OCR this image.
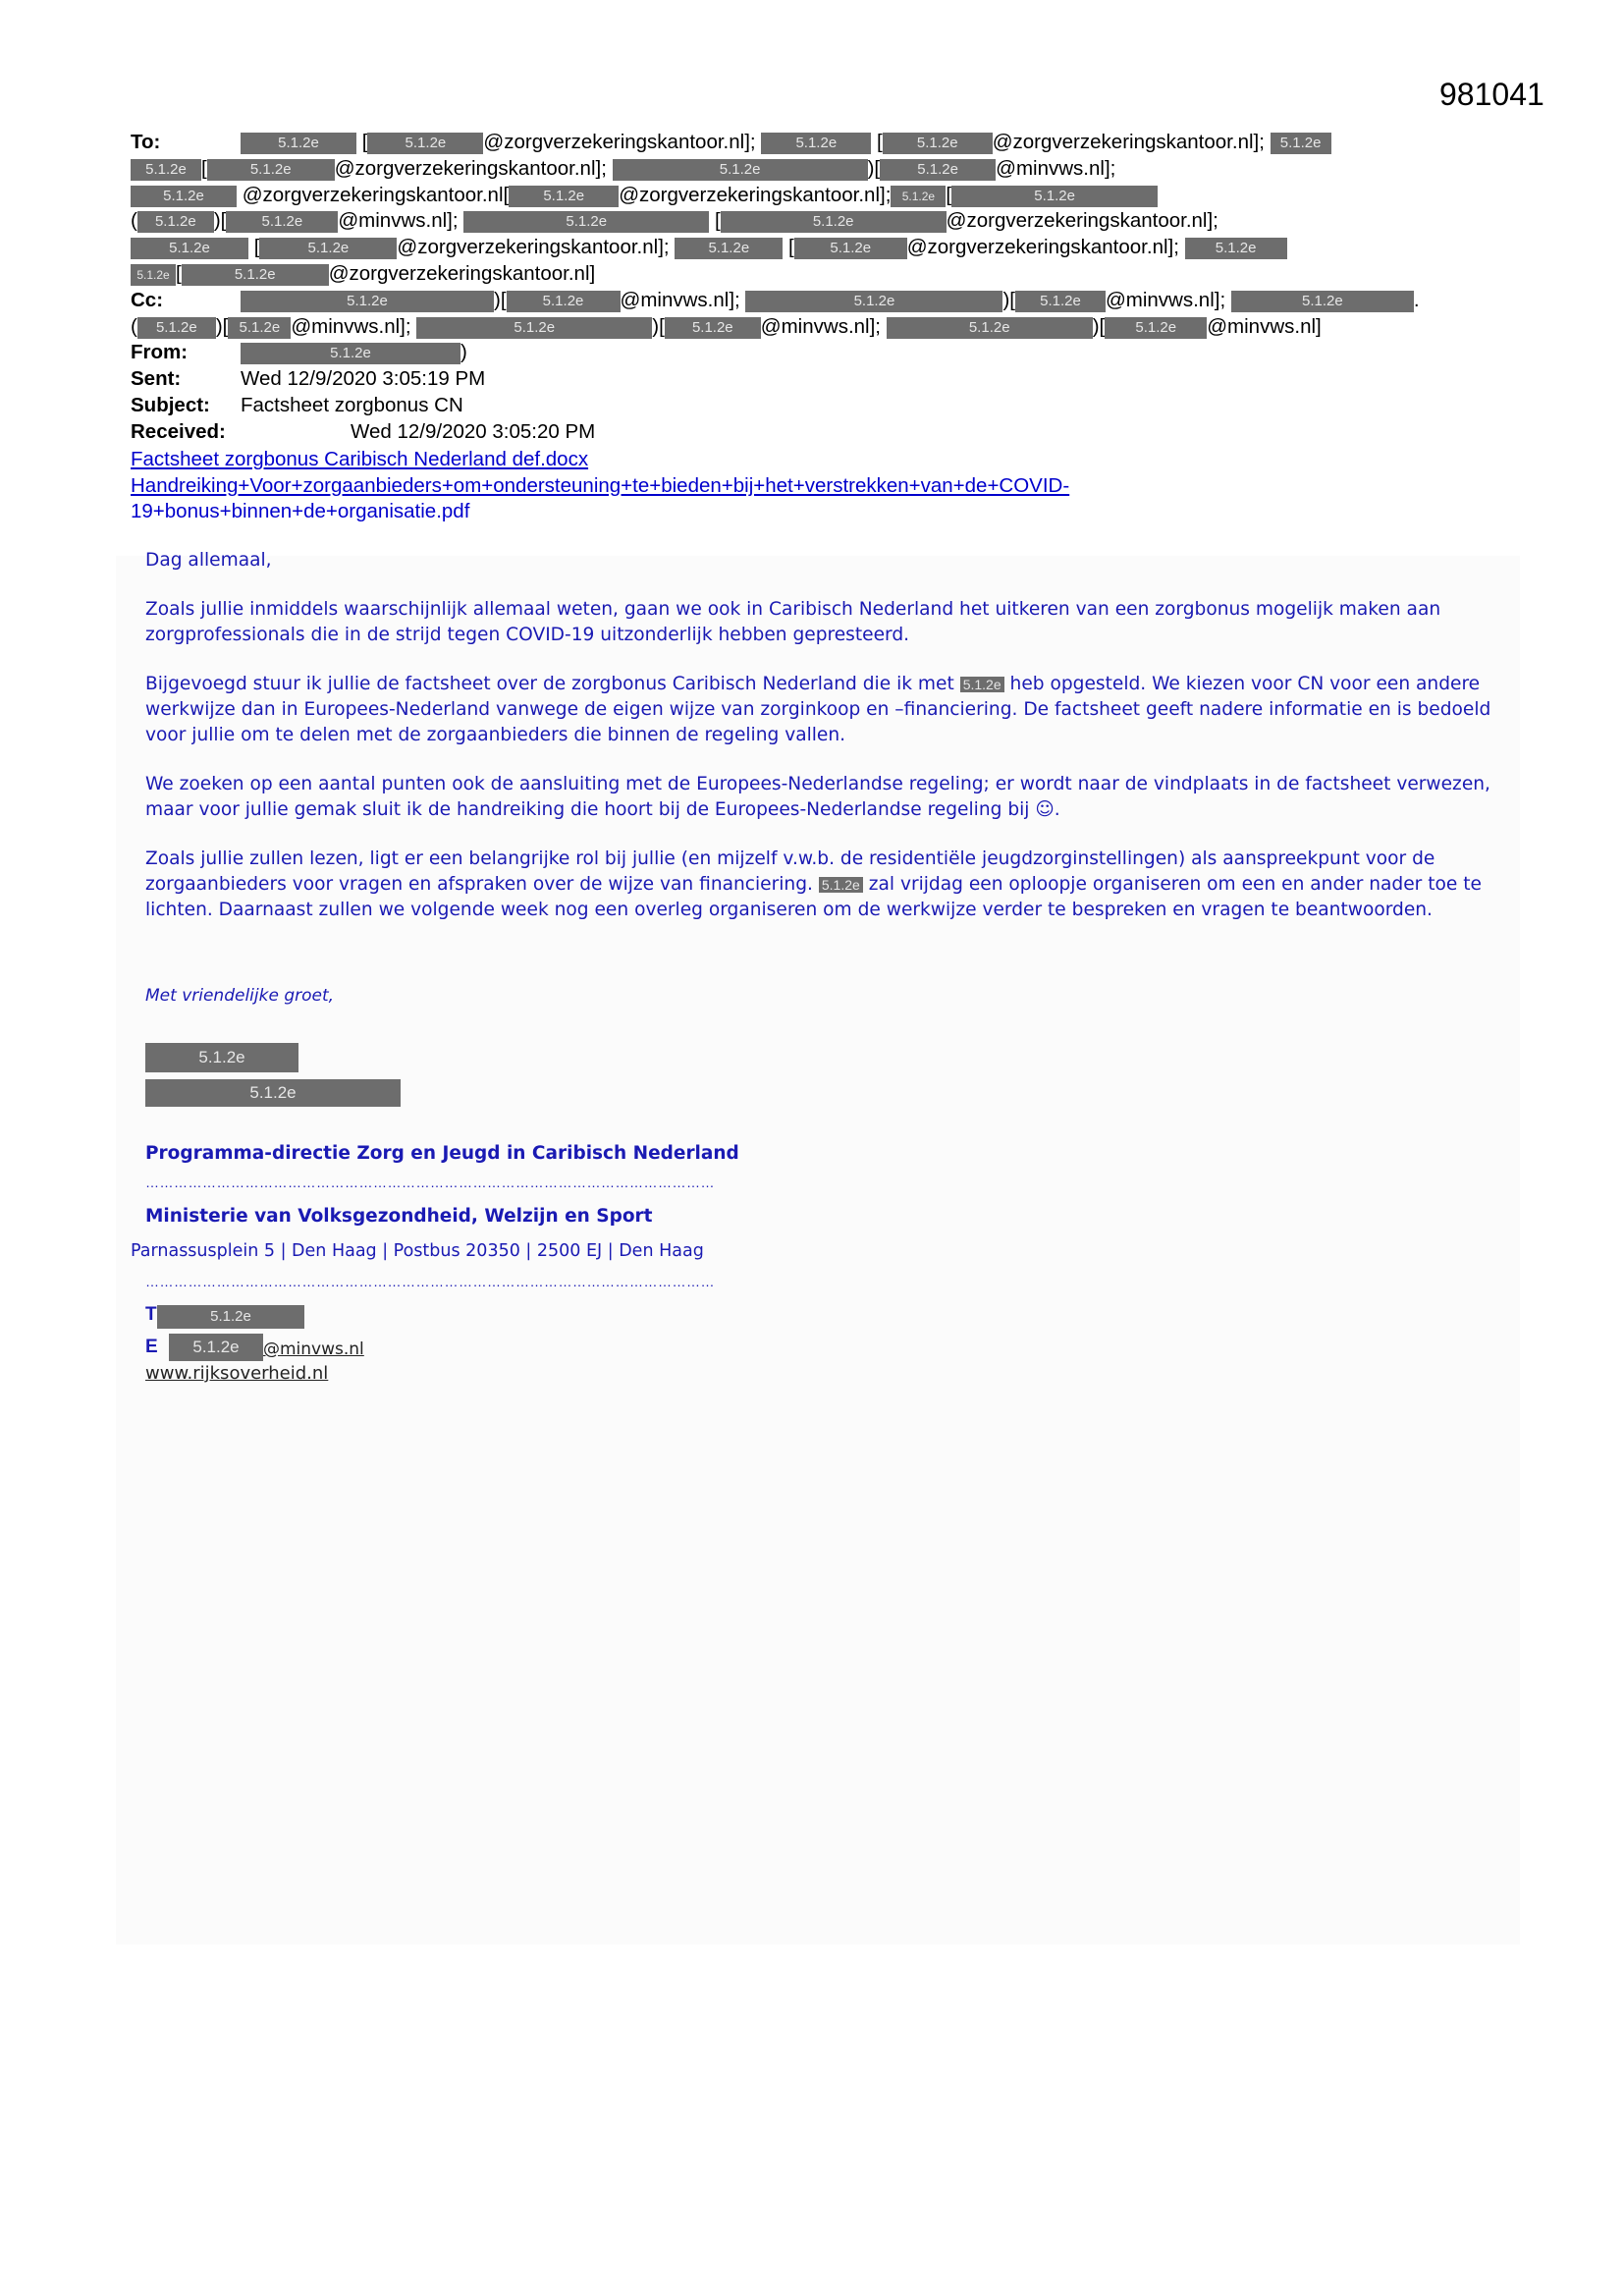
981041
To:	5.1.2e [	5.1.2e @zorgverzekeringskantoor.nl];	5.1.2e [ 5.1.2e @zorgverzekeringskantoor.nl]; 5.1.2e
5.1.2e [	5.1.2e @zorgverzekeringskantoor.nl];	5.1.2e	)[	5.1.2e @minvws.nl];
5.1.2e @zorgverzekeringskantoor.nl[ 5.1.2e @zorgverzekeringskantoor.nl]; 5.1.2e [	5.1.2e
( 5.1.2e )[ 5.1.2e @minvws.nl];	5.1.2e	[	5.1.2e	@zorgverzekeringskantoor.nl];
5.1.2e [	5.1.2e @zorgverzekeringskantoor.nl];	5.1.2e [ 5.1.2e @zorgverzekeringskantoor.nl]; 5.1.2e
5.1.2e [	5.1.2e	@zorgverzekeringskantoor.nl]
Cc:	5.1.2e	)[ 5.1.2e @minvws.nl];	5.1.2e	)[ 5.1.2e @minvws.nl];	5.1.2e	.
( 5.1.2e )[ 5.1.2e @minvws.nl];	5.1.2e	)[ 5.1.2e @minvws.nl];	5.1.2e	)[ 5.1.2e @minvws.nl]
From:	5.1.2e	)
Sent:	Wed 12/9/2020 3:05:19 PM
Subject: Factsheet zorgbonus CN
Received:	Wed 12/9/2020 3:05:20 PM
Factsheet zorgbonus Caribisch Nederland def.docx
Handreiking+Voor+zorgaanbieders+om+ondersteuning+te+bieden+bij+het+verstrekken+van+de+COVID-
19+bonus+binnen+de+organisatie.pdf

Dag allemaal,

Zoals jullie inmiddels waarschijnlijk allemaal weten, gaan we ook in Caribisch Nederland het uitkeren van een zorgbonus mogelijk maken aan zorgprofessionals die in de strijd tegen COVID-19 uitzonderlijk hebben gepresteerd.

Bijgevoegd stuur ik jullie de factsheet over de zorgbonus Caribisch Nederland die ik met 5.1.2e heb opgesteld. We kiezen voor CN voor een andere werkwijze dan in Europees-Nederland vanwege de eigen wijze van zorginkoop en –financiering. De factsheet geeft nadere informatie en is bedoeld voor jullie om te delen met de zorgaanbieders die binnen de regeling vallen.

We zoeken op een aantal punten ook de aansluiting met de Europees-Nederlandse regeling; er wordt naar de vindplaats in de factsheet verwezen, maar voor jullie gemak sluit ik de handreiking die hoort bij de Europees-Nederlandse regeling bij ☺.

Zoals jullie zullen lezen, ligt er een belangrijke rol bij jullie (en mijzelf v.w.b. de residentiële jeugdzorginstellingen) als aanspreekpunt voor de zorgaanbieders voor vragen en afspraken over de wijze van financiering. 5.1.2e zal vrijdag een oploopje organiseren om een en ander nader toe te lichten. Daarnaast zullen we volgende week nog een overleg organiseren om de werkwijze verder te bespreken en vragen te beantwoorden.

Met vriendelijke groet,
5.1.2e
5.1.2e
Programma-directie Zorg en Jeugd in Caribisch Nederland
…………………………………………………………………………………………………………
Ministerie van Volksgezondheid, Welzijn en Sport
Parnassusplein 5 | Den Haag | Postbus 20350 | 2500 EJ | Den Haag
…………………………………………………………………………………………………………
T	5.1.2e
E	5.1.2e	@minvws.nl
www.rijksoverheid.nl
